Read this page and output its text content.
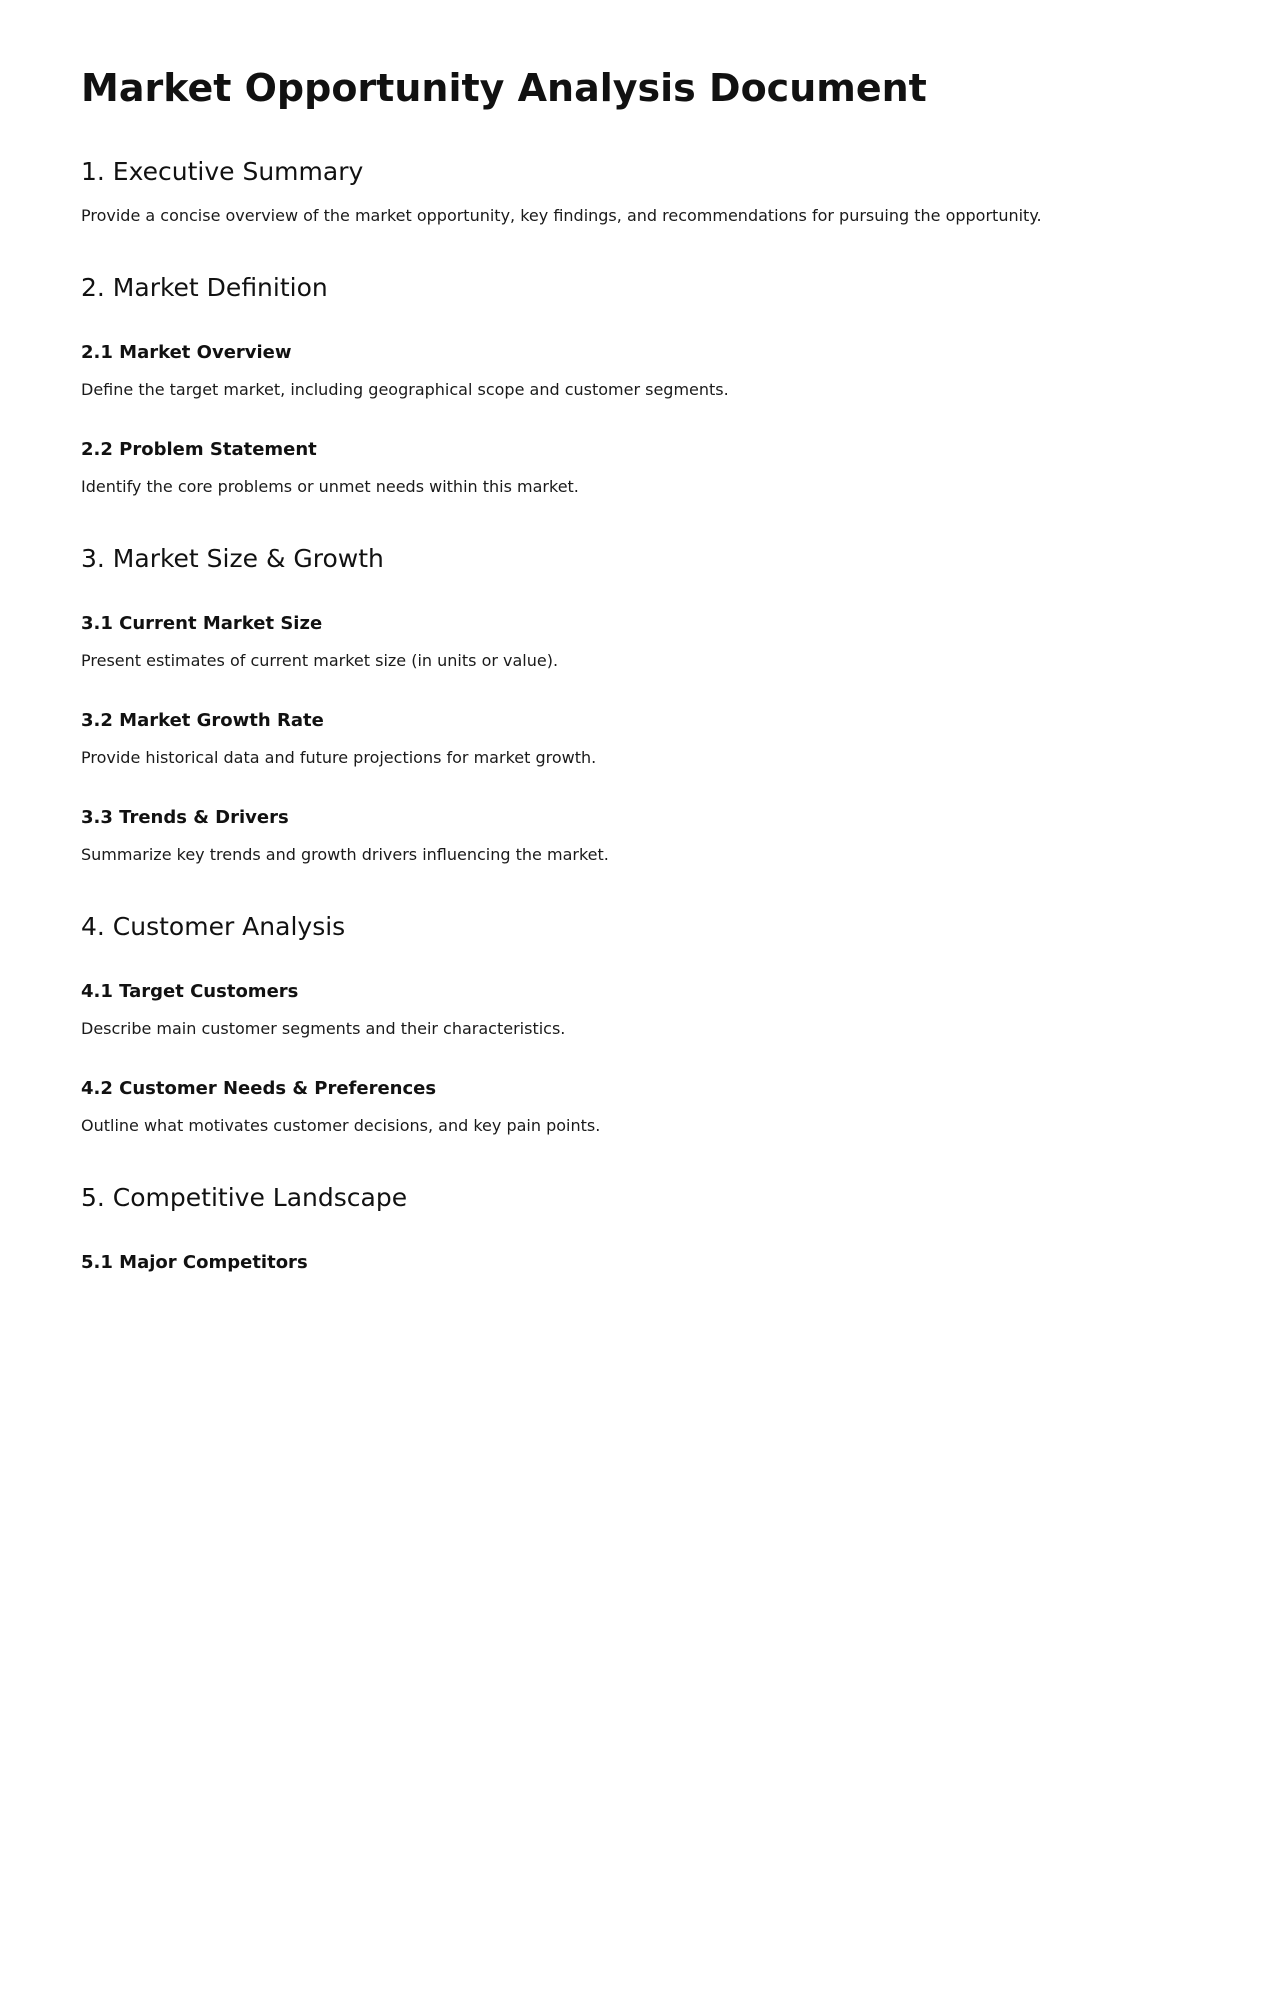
Market Opportunity Analysis Document
1. Executive Summary

Provide a concise overview of the market opportunity, key findings, and recommendations for pursuing the opportunity.

2. Market Definition
2.1 Market Overview

Define the target market, including geographical scope and customer segments.

2.2 Problem Statement

Identify the core problems or unmet needs within this market.

3. Market Size & Growth
3.1 Current Market Size

Present estimates of current market size (in units or value).

3.2 Market Growth Rate

Provide historical data and future projections for market growth.

3.3 Trends & Drivers

Summarize key trends and growth drivers influencing the market.

4. Customer Analysis
4.1 Target Customers

Describe main customer segments and their characteristics.

4.2 Customer Needs & Preferences

Outline what motivates customer decisions, and key pain points.

5. Competitive Landscape
5.1 Major Competitors
